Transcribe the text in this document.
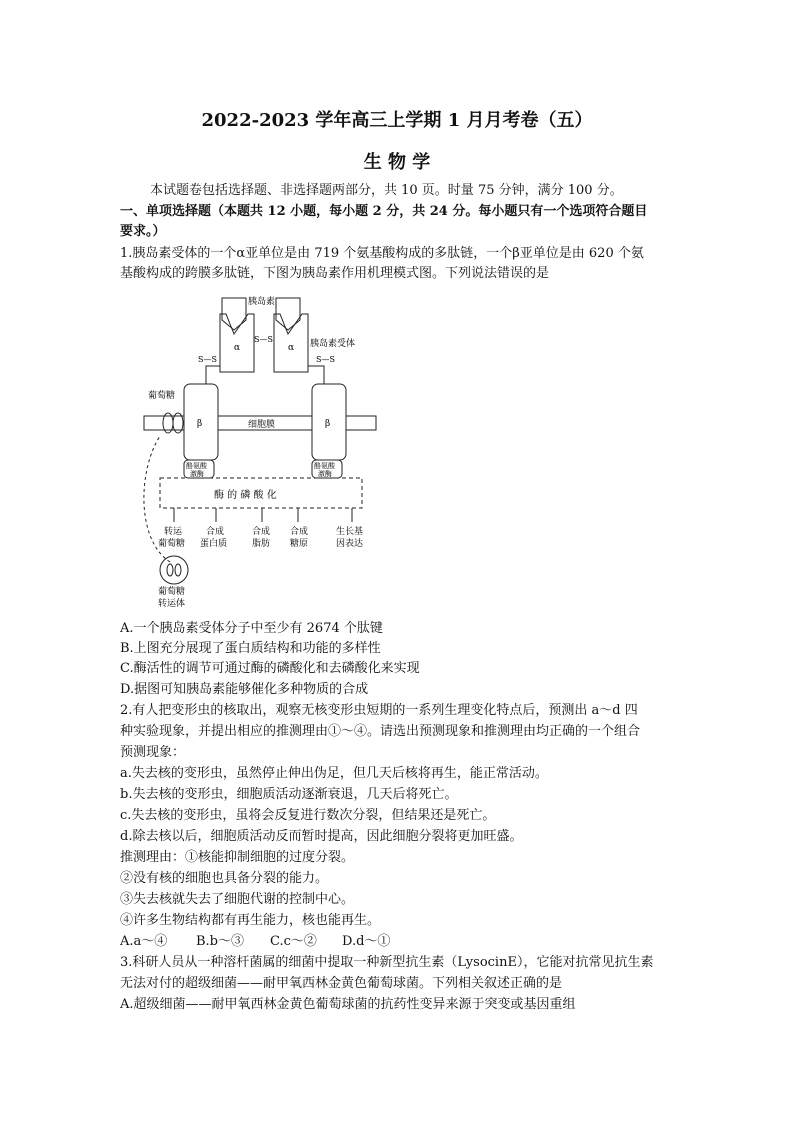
2022-2023 学年高三上学期 1 月月考卷（五）
生 物 学
本试题卷包括选择题、非选择题两部分，共 10 页。时量 75 分钟，满分 100 分。
一、单项选择题（本题共 12 小题，每小题 2 分，共 24 分。每小题只有一个选项符合题目
要求。）
1.胰岛素受体的一个α亚单位是由 719 个氨基酸构成的多肽链，一个β亚单位是由 620 个氨
基酸构成的跨膜多肽链，下图为胰岛素作用机理模式图。下列说法错误的是
胰岛素
S—S	胰岛素受体
α	α
S—S	S—S
葡萄糖
β	β
细胞膜
酪氨酸
激酶
酪氨酸
激酶
酶 的 磷 酸 化
转运
葡萄糖
合成
蛋白质
合成
脂肪
合成
糖原
生长基
因表达
葡萄糖
转运体
A.一个胰岛素受体分子中至少有 2674 个肽键
B.上图充分展现了蛋白质结构和功能的多样性
C.酶活性的调节可通过酶的磷酸化和去磷酸化来实现
D.据图可知胰岛素能够催化多种物质的合成
2.有人把变形虫的核取出，观察无核变形虫短期的一系列生理变化特点后，预测出 a～d 四
种实验现象，并提出相应的推测理由①～④。请选出预测现象和推测理由均正确的一个组合
预测现象：
a.失去核的变形虫，虽然停止伸出伪足，但几天后核将再生，能正常活动。
b.失去核的变形虫，细胞质活动逐渐衰退，几天后将死亡。
c.失去核的变形虫，虽将会反复进行数次分裂，但结果还是死亡。
d.除去核以后，细胞质活动反而暂时提高，因此细胞分裂将更加旺盛。
推测理由：①核能抑制细胞的过度分裂。
②没有核的细胞也具备分裂的能力。
③失去核就失去了细胞代谢的控制中心。
④许多生物结构都有再生能力，核也能再生。
A.a～④ B.b～③ C.c～② D.d～①
3.科研人员从一种溶杆菌属的细菌中提取一种新型抗生素（LysocinE），它能对抗常见抗生素
无法对付的超级细菌——耐甲氧西林金黄色葡萄球菌。下列相关叙述正确的是
A.超级细菌——耐甲氧西林金黄色葡萄球菌的抗药性变异来源于突变或基因重组
